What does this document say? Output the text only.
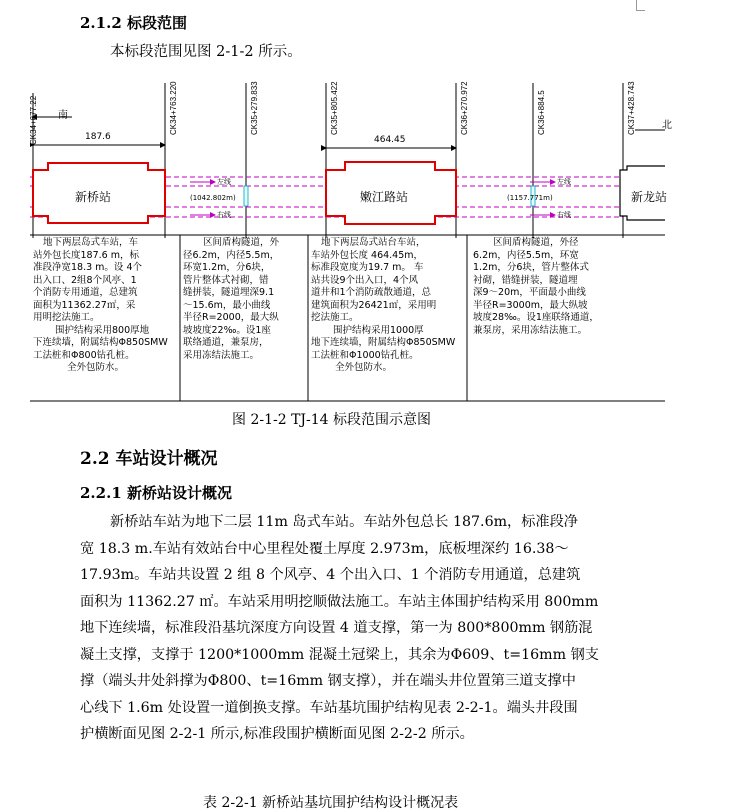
2.1.2 标段范围
本标段范围见图 2-1-2 所示。
CK34+677.22	CK34+763.220	CK35+279.833	CK35+805.422	CK36+270.972	CK36+884.5	CK37+428.743
南
北
187.6	464.45
新桥站	嫩江路站	新龙站
左线
右线
左线
右线
(1042.802m)	(1157.771m)
地下两层岛式车站，车
站外包长度187.6 m，标
准段净宽18.3 m。设 4个
出入口、2组8个风亭、1
个消防专用通道，总建筑
面积为11362.27㎡，采
用明挖法施工。
围护结构采用800厚地
下连续墙，附属结构Φ850SMW
工法桩和Φ800钻孔桩。
全外包防水。
区间盾构隧道，外
径6.2m，内径5.5m，
环宽1.2m，分6块，
管片整体式衬砌，错
缝拼装，隧道埋深9.1
～15.6m，最小曲线
半径R=2000，最大纵
坡坡度22‰。设1座
联络通道，兼泵房，
采用冻结法施工。
地下两层岛式站台车站，
车站外包长度 464.45m，
标准段宽度为19.7 m。 车
站共设9个出入口，4个风
道井和1个消防疏散通道，总
建筑面积为26421㎡，采用明
挖法施工。
围护结构采用1000厚
地下连续墙，附属结构Φ850SMW
工法桩和Φ1000钻孔桩。
全外包防水。
区间盾构隧道，外径
6.2m，内径5.5m，环宽
1.2m，分6块，管片整体式
衬砌，错缝拼装，隧道埋
深9～20m，平面最小曲线
半径R=3000m，最大纵坡
坡度28‰。设1座联络通道，
兼泵房，采用冻结法施工。
图 2-1-2 TJ-14 标段范围示意图
2.2 车站设计概况
2.2.1 新桥站设计概况
新桥站车站为地下二层 11m 岛式车站。车站外包总长 187.6m，标准段净
宽 18.3 m.车站有效站台中心里程处覆土厚度 2.973m，底板埋深约 16.38～
17.93m。车站共设置 2 组 8 个风亭、4 个出入口、1 个消防专用通道，总建筑
面积为 11362.27 ㎡。车站采用明挖顺做法施工。车站主体围护结构采用 800mm
地下连续墙，标准段沿基坑深度方向设置 4 道支撑，第一为 800*800mm 钢筋混
凝土支撑，支撑于 1200*1000mm 混凝土冠梁上，其余为Φ609、t=16mm 钢支
撑（端头井处斜撑为Φ800、t=16mm 钢支撑），并在端头井位置第三道支撑中
心线下 1.6m 处设置一道倒换支撑。车站基坑围护结构见表 2-2-1。端头井段围
护横断面见图 2-2-1 所示,标准段围护横断面见图 2-2-2 所示。
表 2-2-1 新桥站基坑围护结构设计概况表
